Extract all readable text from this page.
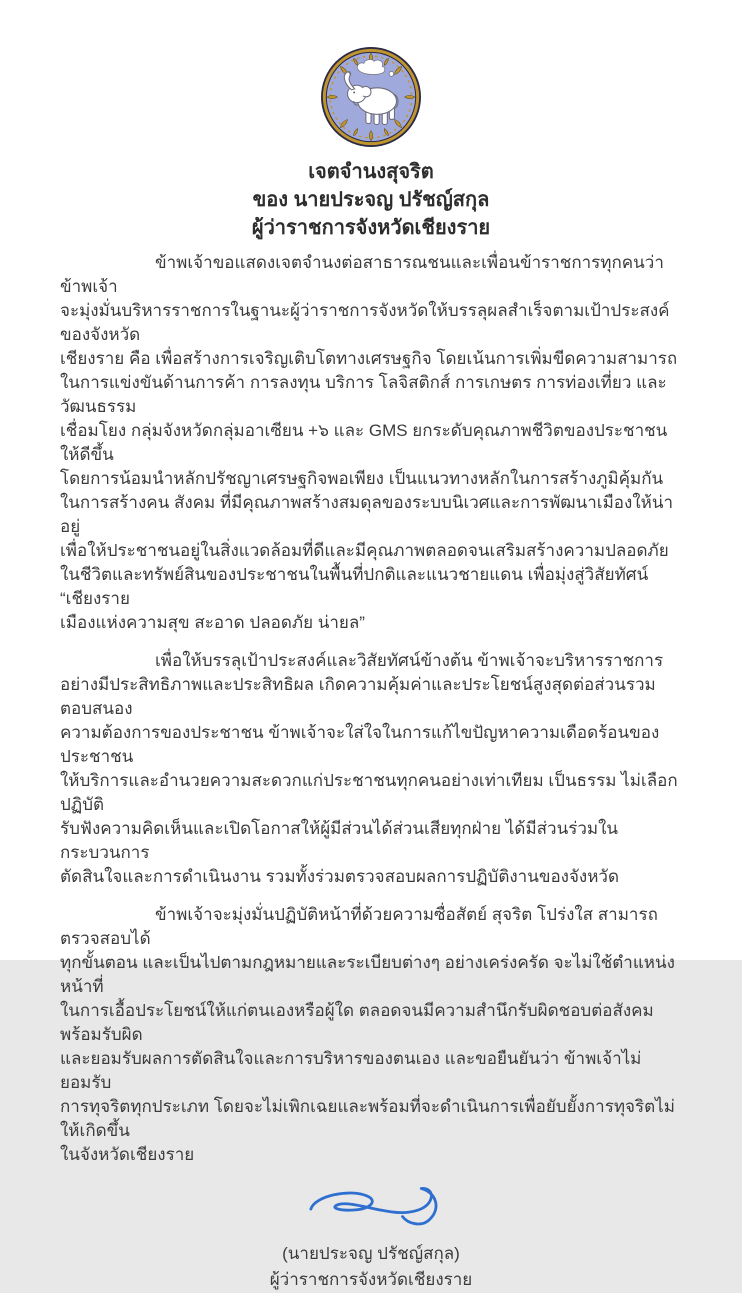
เจตจำนงสุจริต
ของ นายประจญ ปรัชญ์สกุล
ผู้ว่าราชการจังหวัดเชียงราย
ข้าพเจ้าขอแสดงเจตจำนงต่อสาธารณชนและเพื่อนข้าราชการทุกคนว่าข้าพเจ้า
จะมุ่งมั่นบริหารราชการในฐานะผู้ว่าราชการจังหวัดให้บรรลุผลสำเร็จตามเป้าประสงค์ของจังหวัด
เชียงราย คือ เพื่อสร้างการเจริญเติบโตทางเศรษฐกิจ โดยเน้นการเพิ่มขีดความสามารถ
ในการแข่งขันด้านการค้า การลงทุน บริการ โลจิสติกส์ การเกษตร การท่องเที่ยว และวัฒนธรรม
เชื่อมโยง กลุ่มจังหวัดกลุ่มอาเซียน +๖ และ GMS ยกระดับคุณภาพชีวิตของประชาชนให้ดีขึ้น
โดยการน้อมนำหลักปรัชญาเศรษฐกิจพอเพียง เป็นแนวทางหลักในการสร้างภูมิคุ้มกัน
ในการสร้างคน สังคม ที่มีคุณภาพสร้างสมดุลของระบบนิเวศและการพัฒนาเมืองให้น่าอยู่
เพื่อให้ประชาชนอยู่ในสิ่งแวดล้อมที่ดีและมีคุณภาพตลอดจนเสริมสร้างความปลอดภัย
ในชีวิตและทรัพย์สินของประชาชนในพื้นที่ปกติและแนวชายแดน เพื่อมุ่งสู่วิสัยทัศน์ “เชียงราย
เมืองแห่งความสุข สะอาด ปลอดภัย น่ายล”
เพื่อให้บรรลุเป้าประสงค์และวิสัยทัศน์ข้างต้น ข้าพเจ้าจะบริหารราชการ
อย่างมีประสิทธิภาพและประสิทธิผล เกิดความคุ้มค่าและประโยชน์สูงสุดต่อส่วนรวม ตอบสนอง
ความต้องการของประชาชน ข้าพเจ้าจะใส่ใจในการแก้ไขปัญหาความเดือดร้อนของประชาชน
ให้บริการและอำนวยความสะดวกแก่ประชาชนทุกคนอย่างเท่าเทียม เป็นธรรม ไม่เลือกปฏิบัติ
รับฟังความคิดเห็นและเปิดโอกาสให้ผู้มีส่วนได้ส่วนเสียทุกฝ่าย ได้มีส่วนร่วมในกระบวนการ
ตัดสินใจและการดำเนินงาน รวมทั้งร่วมตรวจสอบผลการปฏิบัติงานของจังหวัด
ข้าพเจ้าจะมุ่งมั่นปฏิบัติหน้าที่ด้วยความซื่อสัตย์ สุจริต โปร่งใส สามารถตรวจสอบได้
ทุกขั้นตอน และเป็นไปตามกฎหมายและระเบียบต่างๆ อย่างเคร่งครัด จะไม่ใช้ตำแหน่งหน้าที่
ในการเอื้อประโยชน์ให้แก่ตนเองหรือผู้ใด ตลอดจนมีความสำนึกรับผิดชอบต่อสังคม พร้อมรับผิด
และยอมรับผลการตัดสินใจและการบริหารของตนเอง และขอยืนยันว่า ข้าพเจ้าไม่ยอมรับ
การทุจริตทุกประเภท โดยจะไม่เพิกเฉยและพร้อมที่จะดำเนินการเพื่อยับยั้งการทุจริตไม่ให้เกิดขึ้น
ในจังหวัดเชียงราย
(นายประจญ ปรัชญ์สกุล)
ผู้ว่าราชการจังหวัดเชียงราย
